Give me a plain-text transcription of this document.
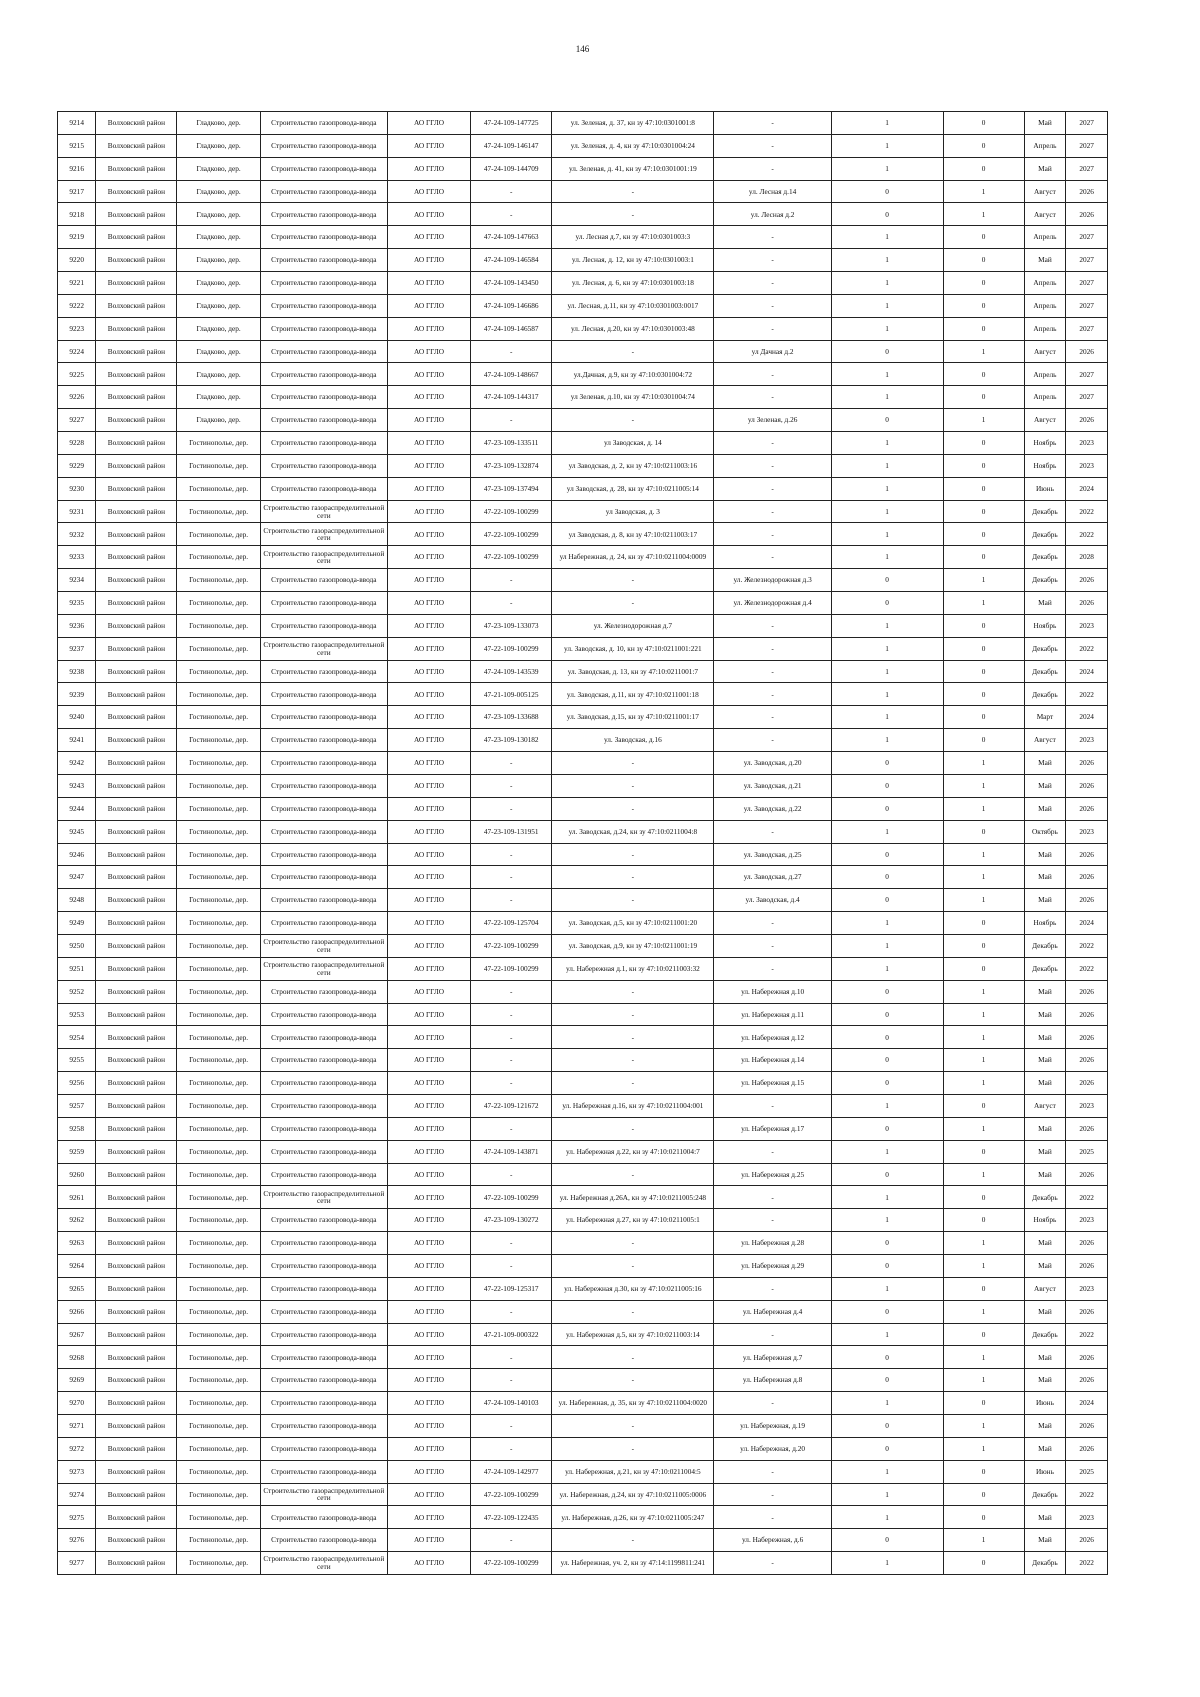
146
9214	Волховский район	Гладково, дер.	Строительство газопровода-ввода	АО ГГЛО	47-24-109-147725	ул. Зеленая, д. 37, кн зу 47:10:0301001:8	-	1	0	Май	2027
9215	Волховский район	Гладково, дер.	Строительство газопровода-ввода	АО ГГЛО	47-24-109-146147	ул. Зеленая, д. 4, кн зу 47:10:0301004:24	-	1	0	Апрель	2027
9216	Волховский район	Гладково, дер.	Строительство газопровода-ввода	АО ГГЛО	47-24-109-144709	ул. Зеленая, д. 41, кн зу 47:10:0301001:19	-	1	0	Май	2027
9217	Волховский район	Гладково, дер.	Строительство газопровода-ввода	АО ГГЛО	-	-	ул. Лесная д.14	0	1	Август	2026
9218	Волховский район	Гладково, дер.	Строительство газопровода-ввода	АО ГГЛО	-	-	ул. Лесная д.2	0	1	Август	2026
9219	Волховский район	Гладково, дер.	Строительство газопровода-ввода	АО ГГЛО	47-24-109-147663	ул. Лесная д.7, кн зу 47:10:0301003:3	-	1	0	Апрель	2027
9220	Волховский район	Гладково, дер.	Строительство газопровода-ввода	АО ГГЛО	47-24-109-146584	ул. Лесная, д. 12, кн зу 47:10:0301003:1	-	1	0	Май	2027
9221	Волховский район	Гладково, дер.	Строительство газопровода-ввода	АО ГГЛО	47-24-109-143450	ул. Лесная, д. 6, кн зу 47:10:0301003:18	-	1	0	Апрель	2027
9222	Волховский район	Гладково, дер.	Строительство газопровода-ввода	АО ГГЛО	47-24-109-146686	ул. Лесная, д.11, кн зу 47:10:0301003:0017	-	1	0	Апрель	2027
9223	Волховский район	Гладково, дер.	Строительство газопровода-ввода	АО ГГЛО	47-24-109-146587	ул. Лесная, д.20, кн зу 47:10:0301003:48	-	1	0	Апрель	2027
9224	Волховский район	Гладково, дер.	Строительство газопровода-ввода	АО ГГЛО	-	-	ул Дачная д.2	0	1	Август	2026
9225	Волховский район	Гладково, дер.	Строительство газопровода-ввода	АО ГГЛО	47-24-109-148667	ул.Дачная, д.9, кн зу 47:10:0301004:72	-	1	0	Апрель	2027
9226	Волховский район	Гладково, дер.	Строительство газопровода-ввода	АО ГГЛО	47-24-109-144317	ул Зеленая, д.10, кн зу 47:10:0301004:74	-	1	0	Апрель	2027
9227	Волховский район	Гладково, дер.	Строительство газопровода-ввода	АО ГГЛО	-	-	ул Зеленая, д.26	0	1	Август	2026
9228	Волховский район	Гостинополье, дер.	Строительство газопровода-ввода	АО ГГЛО	47-23-109-133511	ул Заводская, д. 14	-	1	0	Ноябрь	2023
9229	Волховский район	Гостинополье, дер.	Строительство газопровода-ввода	АО ГГЛО	47-23-109-132874	ул Заводская, д. 2, кн зу 47:10:0211003:16	-	1	0	Ноябрь	2023
9230	Волховский район	Гостинополье, дер.	Строительство газопровода-ввода	АО ГГЛО	47-23-109-137494	ул Заводская, д. 28, кн зу 47:10:0211005:14	-	1	0	Июнь	2024
9231	Волховский район	Гостинополье, дер.	Строительство газораспределительной сети	АО ГГЛО	47-22-109-100299	ул Заводская, д. 3	-	1	0	Декабрь	2022
9232	Волховский район	Гостинополье, дер.	Строительство газораспределительной сети	АО ГГЛО	47-22-109-100299	ул Заводская, д. 8, кн зу 47:10:0211003:17	-	1	0	Декабрь	2022
9233	Волховский район	Гостинополье, дер.	Строительство газораспределительной сети	АО ГГЛО	47-22-109-100299	ул Набережная, д. 24, кн зу 47:10:0211004:0009	-	1	0	Декабрь	2028
9234	Волховский район	Гостинополье, дер.	Строительство газопровода-ввода	АО ГГЛО	-	-	ул. Железнодорожная д.3	0	1	Декабрь	2026
9235	Волховский район	Гостинополье, дер.	Строительство газопровода-ввода	АО ГГЛО	-	-	ул. Железнодорожная д.4	0	1	Май	2026
9236	Волховский район	Гостинополье, дер.	Строительство газопровода-ввода	АО ГГЛО	47-23-109-133073	ул. Железнодорожная д.7	-	1	0	Ноябрь	2023
9237	Волховский район	Гостинополье, дер.	Строительство газораспределительной сети	АО ГГЛО	47-22-109-100299	ул. Заводская, д. 10, кн зу 47:10:0211001:221	-	1	0	Декабрь	2022
9238	Волховский район	Гостинополье, дер.	Строительство газопровода-ввода	АО ГГЛО	47-24-109-143539	ул. Заводская, д. 13, кн зу 47:10:0211001:7	-	1	0	Декабрь	2024
9239	Волховский район	Гостинополье, дер.	Строительство газопровода-ввода	АО ГГЛО	47-21-109-005125	ул. Заводская, д.11, кн зу 47:10:0211001:18	-	1	0	Декабрь	2022
9240	Волховский район	Гостинополье, дер.	Строительство газопровода-ввода	АО ГГЛО	47-23-109-133688	ул. Заводская, д.15, кн зу 47:10:0211001:17	-	1	0	Март	2024
9241	Волховский район	Гостинополье, дер.	Строительство газопровода-ввода	АО ГГЛО	47-23-109-130182	ул. Заводская, д.16	-	1	0	Август	2023
9242	Волховский район	Гостинополье, дер.	Строительство газопровода-ввода	АО ГГЛО	-	-	ул. Заводская, д.20	0	1	Май	2026
9243	Волховский район	Гостинополье, дер.	Строительство газопровода-ввода	АО ГГЛО	-	-	ул. Заводская, д.21	0	1	Май	2026
9244	Волховский район	Гостинополье, дер.	Строительство газопровода-ввода	АО ГГЛО	-	-	ул. Заводская, д.22	0	1	Май	2026
9245	Волховский район	Гостинополье, дер.	Строительство газопровода-ввода	АО ГГЛО	47-23-109-131951	ул. Заводская, д.24, кн зу 47:10:0211004:8	-	1	0	Октябрь	2023
9246	Волховский район	Гостинополье, дер.	Строительство газопровода-ввода	АО ГГЛО	-	-	ул. Заводская, д.25	0	1	Май	2026
9247	Волховский район	Гостинополье, дер.	Строительство газопровода-ввода	АО ГГЛО	-	-	ул. Заводская, д.27	0	1	Май	2026
9248	Волховский район	Гостинополье, дер.	Строительство газопровода-ввода	АО ГГЛО	-	-	ул. Заводская, д.4	0	1	Май	2026
9249	Волховский район	Гостинополье, дер.	Строительство газопровода-ввода	АО ГГЛО	47-22-109-125704	ул. Заводская, д.5, кн зу 47:10:0211001:20	-	1	0	Ноябрь	2024
9250	Волховский район	Гостинополье, дер.	Строительство газораспределительной сети	АО ГГЛО	47-22-109-100299	ул. Заводская, д.9, кн зу 47:10:0211001:19	-	1	0	Декабрь	2022
9251	Волховский район	Гостинополье, дер.	Строительство газораспределительной сети	АО ГГЛО	47-22-109-100299	ул. Набережная д.1, кн зу 47:10:0211003:32	-	1	0	Декабрь	2022
9252	Волховский район	Гостинополье, дер.	Строительство газопровода-ввода	АО ГГЛО	-	-	ул. Набережная д.10	0	1	Май	2026
9253	Волховский район	Гостинополье, дер.	Строительство газопровода-ввода	АО ГГЛО	-	-	ул. Набережная д.11	0	1	Май	2026
9254	Волховский район	Гостинополье, дер.	Строительство газопровода-ввода	АО ГГЛО	-	-	ул. Набережная д.12	0	1	Май	2026
9255	Волховский район	Гостинополье, дер.	Строительство газопровода-ввода	АО ГГЛО	-	-	ул. Набережная д.14	0	1	Май	2026
9256	Волховский район	Гостинополье, дер.	Строительство газопровода-ввода	АО ГГЛО	-	-	ул. Набережная д.15	0	1	Май	2026
9257	Волховский район	Гостинополье, дер.	Строительство газопровода-ввода	АО ГГЛО	47-22-109-121672	ул. Набережная д.16, кн зу 47:10:0211004:001	-	1	0	Август	2023
9258	Волховский район	Гостинополье, дер.	Строительство газопровода-ввода	АО ГГЛО	-	-	ул. Набережная д.17	0	1	Май	2026
9259	Волховский район	Гостинополье, дер.	Строительство газопровода-ввода	АО ГГЛО	47-24-109-143871	ул. Набережная д.22, кн зу 47:10:0211004:7	-	1	0	Май	2025
9260	Волховский район	Гостинополье, дер.	Строительство газопровода-ввода	АО ГГЛО	-	-	ул. Набережная д.25	0	1	Май	2026
9261	Волховский район	Гостинополье, дер.	Строительство газораспределительной сети	АО ГГЛО	47-22-109-100299	ул. Набережная д.26А, кн зу 47:10:0211005:248	-	1	0	Декабрь	2022
9262	Волховский район	Гостинополье, дер.	Строительство газопровода-ввода	АО ГГЛО	47-23-109-130272	ул. Набережная д.27, кн зу 47:10:0211005:1	-	1	0	Ноябрь	2023
9263	Волховский район	Гостинополье, дер.	Строительство газопровода-ввода	АО ГГЛО	-	-	ул. Набережная д.28	0	1	Май	2026
9264	Волховский район	Гостинополье, дер.	Строительство газопровода-ввода	АО ГГЛО	-	-	ул. Набережная д.29	0	1	Май	2026
9265	Волховский район	Гостинополье, дер.	Строительство газопровода-ввода	АО ГГЛО	47-22-109-125317	ул. Набережная д.30, кн зу 47:10:0211005:16	-	1	0	Август	2023
9266	Волховский район	Гостинополье, дер.	Строительство газопровода-ввода	АО ГГЛО	-	-	ул. Набережная д.4	0	1	Май	2026
9267	Волховский район	Гостинополье, дер.	Строительство газопровода-ввода	АО ГГЛО	47-21-109-000322	ул. Набережная д.5, кн зу 47:10:0211003:14	-	1	0	Декабрь	2022
9268	Волховский район	Гостинополье, дер.	Строительство газопровода-ввода	АО ГГЛО	-	-	ул. Набережная д.7	0	1	Май	2026
9269	Волховский район	Гостинополье, дер.	Строительство газопровода-ввода	АО ГГЛО	-	-	ул. Набережная д.8	0	1	Май	2026
9270	Волховский район	Гостинополье, дер.	Строительство газопровода-ввода	АО ГГЛО	47-24-109-140103	ул. Набережная, д. 35, кн зу 47:10:0211004:0020	-	1	0	Июнь	2024
9271	Волховский район	Гостинополье, дер.	Строительство газопровода-ввода	АО ГГЛО	-	-	ул. Набережная, д.19	0	1	Май	2026
9272	Волховский район	Гостинополье, дер.	Строительство газопровода-ввода	АО ГГЛО	-	-	ул. Набережная, д.20	0	1	Май	2026
9273	Волховский район	Гостинополье, дер.	Строительство газопровода-ввода	АО ГГЛО	47-24-109-142977	ул. Набережная, д.21, кн зу 47:10:0211004:5	-	1	0	Июнь	2025
9274	Волховский район	Гостинополье, дер.	Строительство газораспределительной сети	АО ГГЛО	47-22-109-100299	ул. Набережная, д.24, кн зу 47:10:0211005:0006	-	1	0	Декабрь	2022
9275	Волховский район	Гостинополье, дер.	Строительство газопровода-ввода	АО ГГЛО	47-22-109-122435	ул. Набережная, д.26, кн зу 47:10:0211005:247	-	1	0	Май	2023
9276	Волховский район	Гостинополье, дер.	Строительство газопровода-ввода	АО ГГЛО	-	-	ул. Набережная, д.6	0	1	Май	2026
9277	Волховский район	Гостинополье, дер.	Строительство газораспределительной сети	АО ГГЛО	47-22-109-100299	ул. Набережная, уч. 2, кн зу 47:14:1199811:241	-	1	0	Декабрь	2022
